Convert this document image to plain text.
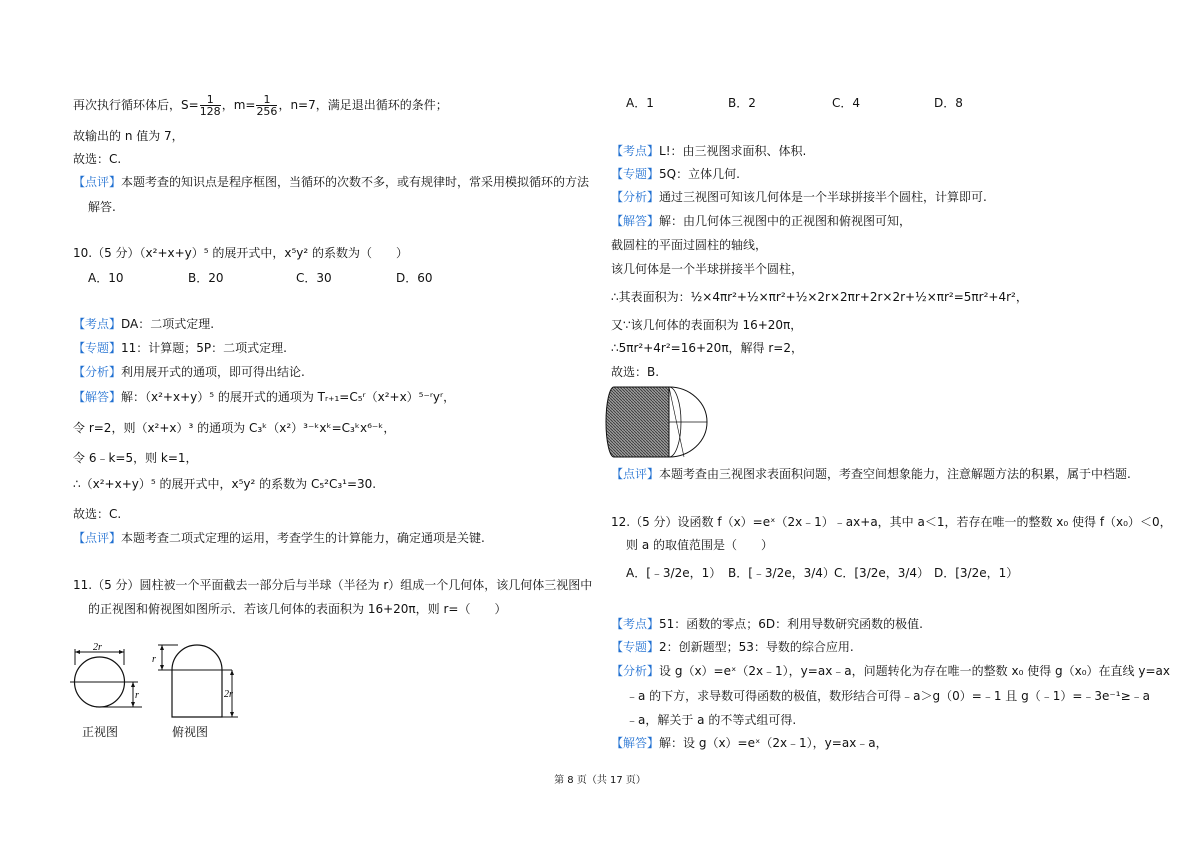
再次执行循环体后，$S= \frac{1}{128}$ ，$m= \frac{1}{256}$ ，n=7，满足退出循环的条件；
故输出的 n 值为 7，
故选：C.
【点评】本题考查的知识点是程序框图，当循环的次数不多，或有规律时，常采用模拟循环的方法
解答.
10.（5 分）（x²+x+y）⁵ 的展开式中，x⁵y² 的系数为（　　）
A．10	B．20	C．30	D．60
【考点】DA：二项式定理.
【专题】11：计算题；5P：二项式定理.
【分析】利用展开式的通项，即可得出结论.
【解答】解：（x²+x+y）⁵ 的展开式的通项为 Tᵣ₊₁=C₅ʳ（x²+x）⁵⁻ʳyʳ，
令 r=2，则（x²+x）³ 的通项为 C₃ᵏ（x²）³⁻ᵏxᵏ=C₃ᵏx⁶⁻ᵏ，
令 6﹣k=5，则 k=1，
∴（x²+x+y）⁵ 的展开式中，x⁵y² 的系数为 C₅²C₃¹=30.
故选：C.
【点评】本题考查二项式定理的运用，考查学生的计算能力，确定通项是关键.
11.（5 分）圆柱被一个平面截去一部分后与半球（半径为 r）组成一个几何体，该几何体三视图中
的正视图和俯视图如图所示．若该几何体的表面积为 16+20π，则 r=（　　）
2r
r
r
2r
正视图	俯视图
A．1	B．2	C．4	D．8
【考点】L!：由三视图求面积、体积.
【专题】5Q：立体几何.
【分析】通过三视图可知该几何体是一个半球拼接半个圆柱，计算即可.
【解答】解：由几何体三视图中的正视图和俯视图可知，
截圆柱的平面过圆柱的轴线，
该几何体是一个半球拼接半个圆柱，
∴其表面积为：½×4πr²+½×πr²+½×2r×2πr+2r×2r+½×πr²=5πr²+4r²，
又∵该几何体的表面积为 16+20π，
∴5πr²+4r²=16+20π，解得 r=2，
故选：B.
【点评】本题考查由三视图求表面积问题，考查空间想象能力，注意解题方法的积累，属于中档题.
12.（5 分）设函数 f（x）=eˣ（2x﹣1）﹣ax+a，其中 a＜1，若存在唯一的整数 x₀ 使得 f（x₀）＜0，
则 a 的取值范围是（　　）
A．[﹣3/2e，1） B．[﹣3/2e，3/4）C．[3/2e，3/4） D．[3/2e，1）
【考点】51：函数的零点；6D：利用导数研究函数的极值.
【专题】2：创新题型；53：导数的综合应用.
【分析】设 g（x）=eˣ（2x﹣1），y=ax﹣a，问题转化为存在唯一的整数 x₀ 使得 g（x₀）在直线 y=ax
﹣a 的下方，求导数可得函数的极值，数形结合可得﹣a＞g（0）=﹣1 且 g（﹣1）=﹣3e⁻¹≥﹣a
﹣a，解关于 a 的不等式组可得.
【解答】解：设 g（x）=eˣ（2x﹣1），y=ax﹣a，
第 8 页（共 17 页）
